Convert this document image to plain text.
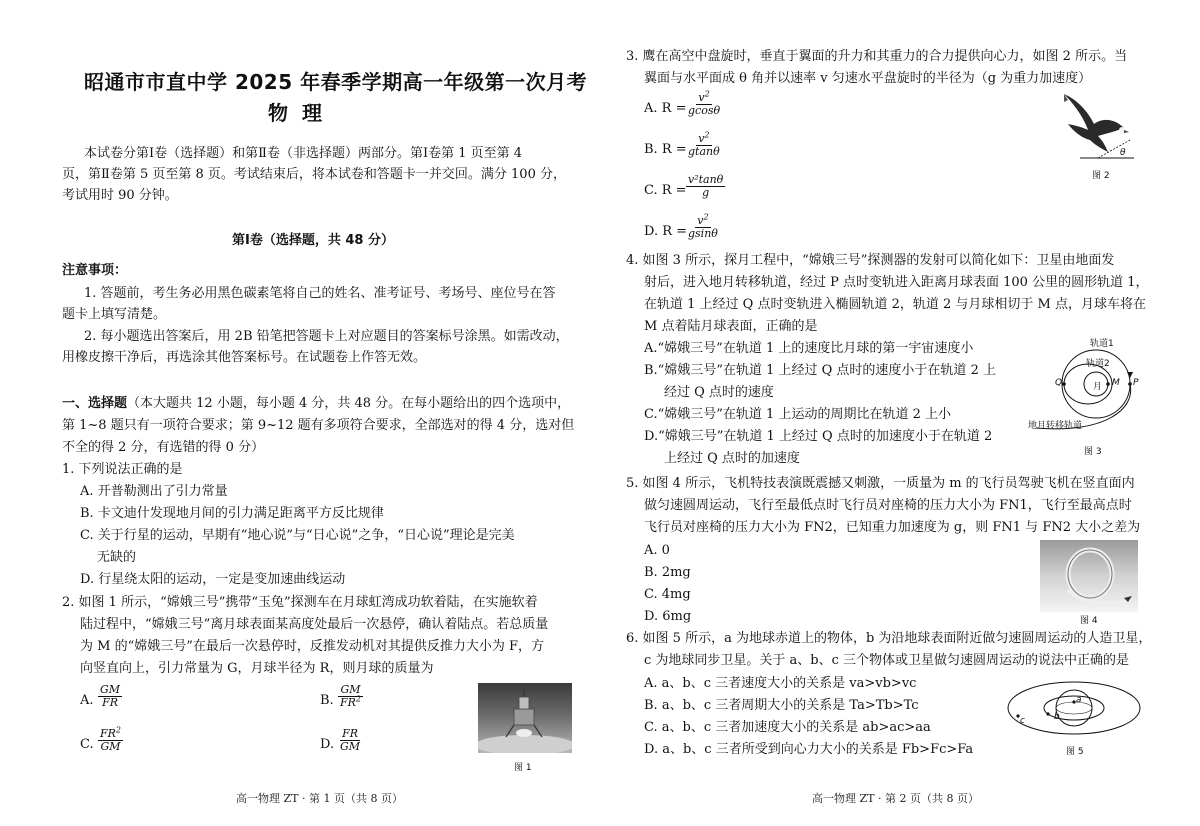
昭通市市直中学 2025 年春季学期高一年级第一次月考
物理
本试卷分第Ⅰ卷（选择题）和第Ⅱ卷（非选择题）两部分。第Ⅰ卷第 1 页至第 4
页，第Ⅱ卷第 5 页至第 8 页。考试结束后，将本试卷和答题卡一并交回。满分 100 分，
考试用时 90 分钟。
第Ⅰ卷（选择题，共 48 分）
注意事项：
1. 答题前，考生务必用黑色碳素笔将自己的姓名、准考证号、考场号、座位号在答
题卡上填写清楚。
2. 每小题选出答案后，用 2B 铅笔把答题卡上对应题目的答案标号涂黑。如需改动，
用橡皮擦干净后，再选涂其他答案标号。在试题卷上作答无效。
一、选择题（本大题共 12 小题，每小题 4 分，共 48 分。在每小题给出的四个选项中，
第 1~8 题只有一项符合要求；第 9~12 题有多项符合要求，全部选对的得 4 分，选对但
不全的得 2 分，有选错的得 0 分）
1. 下列说法正确的是
A. 开普勒测出了引力常量
B. 卡文迪什发现地月间的引力满足距离平方反比规律
C. 关于行星的运动，早期有“地心说”与“日心说”之争，“日心说”理论是完美
无缺的
D. 行星绕太阳的运动，一定是变加速曲线运动
2. 如图 1 所示，“嫦娥三号”携带“玉兔”探测车在月球虹湾成功软着陆，在实施软着
陆过程中，“嫦娥三号”离月球表面某高度处最后一次悬停，确认着陆点。若总质量
为 M 的“嫦娥三号”在最后一次悬停时，反推发动机对其提供反推力大小为 F，方
向竖直向上，引力常量为 G，月球半径为 R，则月球的质量为
A. $\frac{GM}{FR}$	B. $\frac{GM}{FR^2}$
C. $\frac{FR^2}{GM}$	D. $\frac{FR}{GM}$
图 1
高一物理 ZT · 第 1 页（共 8 页）
3. 鹰在高空中盘旋时，垂直于翼面的升力和其重力的合力提供向心力，如图 2 所示。当
翼面与水平面成 θ 角并以速率 v 匀速水平盘旋时的半径为（g 为重力加速度）
A. $R = \frac{v^2}{gcos\theta}$
B. $R = \frac{v^2}{gtan\theta}$
C. $R = \frac{\text{v²tanθ}}{g}$
D. R =
$\frac{v^2}{gsin\theta}$
θ
图 2
4. 如图 3 所示，探月工程中，“嫦娥三号”探测器的发射可以简化如下：卫星由地面发
射后，进入地月转移轨道，经过 P 点时变轨进入距离月球表面 100 公里的圆形轨道 1，
在轨道 1 上经过 Q 点时变轨进入椭圆轨道 2，轨道 2 与月球相切于 M 点，月球车将在
M 点着陆月球表面，正确的是
A.“嫦娥三号”在轨道 1 上的速度比月球的第一宇宙速度小
B.“嫦娥三号”在轨道 1 上经过 Q 点时的速度小于在轨道 2 上
经过 Q 点时的速度
C.“嫦娥三号”在轨道 1 上运动的周期比在轨道 2 上小
D.“嫦娥三号”在轨道 1 上经过 Q 点时的加速度小于在轨道 2
上经过 Q 点时的加速度
轨道1
轨道2
月
Q	M P
地月转移轨道
图 3
5. 如图 4 所示，飞机特技表演既震撼又刺激，一质量为 m 的飞行员驾驶飞机在竖直面内
做匀速圆周运动，飞行至最低点时飞行员对座椅的压力大小为 FN1，飞行至最高点时
飞行员对座椅的压力大小为 FN2，已知重力加速度为 g，则 FN1 与 FN2 大小之差为
A. 0
B. 2mg
C. 4mg
D. 6mg	图 4
6. 如图 5 所示，a 为地球赤道上的物体，b 为沿地球表面附近做匀速圆周运动的人造卫星，
c 为地球同步卫星。关于 a、b、c 三个物体或卫星做匀速圆周运动的说法中正确的是
A. a、b、c 三者速度大小的关系是 va>vb>vc
B. a、b、c 三者周期大小的关系是 Ta>Tb>Tc
C. a、b、c 三者加速度大小的关系是 ab>ac>aa
D. a、b、c 三者所受到向心力大小的关系是 Fb>Fc>Fa
a
b
c
图 5
高一物理 ZT · 第 2 页（共 8 页）
